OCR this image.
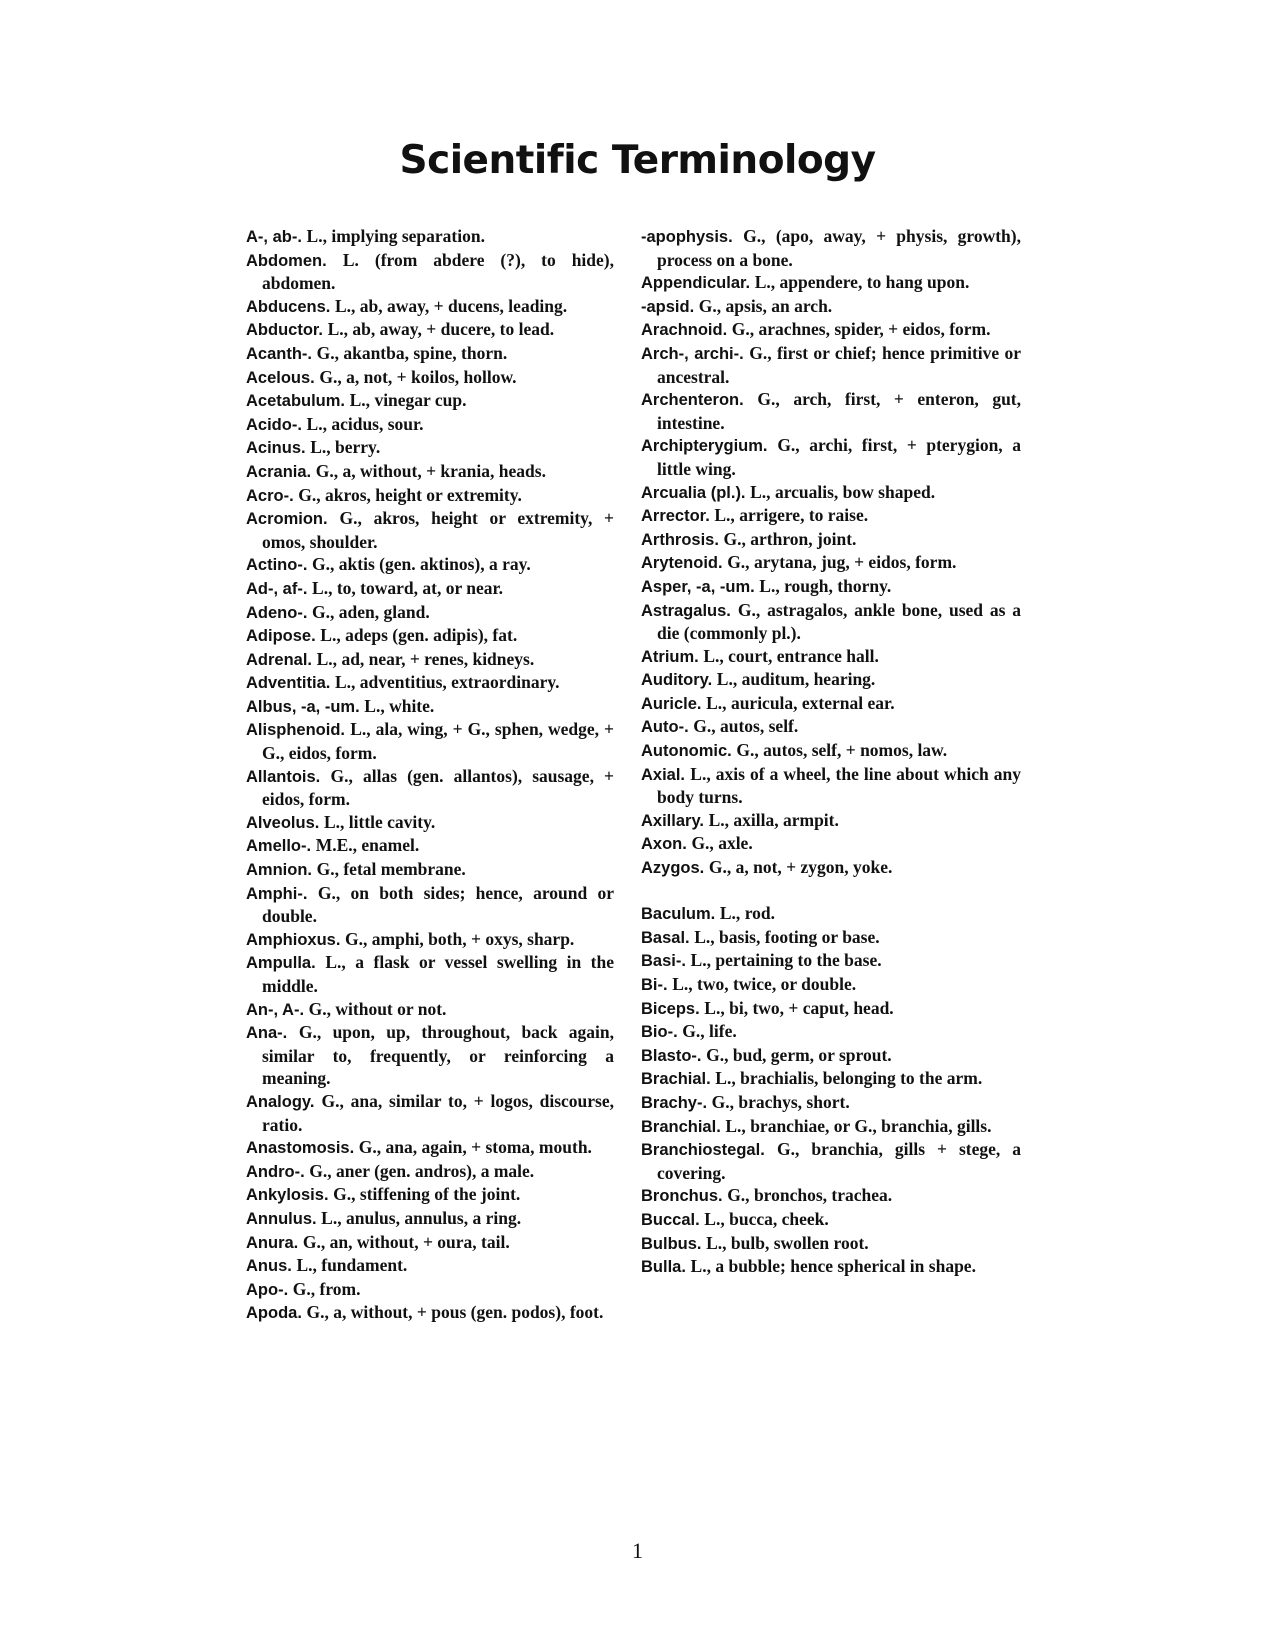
Scientific Terminology
A-, ab-. L., implying separation.
Abdomen. L. (from abdere (?), to hide), abdomen.
Abducens. L., ab, away, + ducens, leading.
Abductor. L., ab, away, + ducere, to lead.
Acanth-. G., akantba, spine, thorn.
Acelous. G., a, not, + koilos, hollow.
Acetabulum. L., vinegar cup.
Acido-. L., acidus, sour.
Acinus. L., berry.
Acrania. G., a, without, + krania, heads.
Acro-. G., akros, height or extremity.
Acromion. G., akros, height or extremity, + omos, shoulder.
Actino-. G., aktis (gen. aktinos), a ray.
Ad-, af-. L., to, toward, at, or near.
Adeno-. G., aden, gland.
Adipose. L., adeps (gen. adipis), fat.
Adrenal. L., ad, near, + renes, kidneys.
Adventitia. L., adventitius, extraordinary.
Albus, -a, -um. L., white.
Alisphenoid. L., ala, wing, + G., sphen, wedge, + G., eidos, form.
Allantois. G., allas (gen. allantos), sausage, + eidos, form.
Alveolus. L., little cavity.
Amello-. M.E., enamel.
Amnion. G., fetal membrane.
Amphi-. G., on both sides; hence, around or double.
Amphioxus. G., amphi, both, + oxys, sharp.
Ampulla. L., a flask or vessel swelling in the middle.
An-, A-. G., without or not.
Ana-. G., upon, up, throughout, back again, similar to, frequently, or reinforcing a meaning.
Analogy. G., ana, similar to, + logos, discourse, ratio.
Anastomosis. G., ana, again, + stoma, mouth.
Andro-. G., aner (gen. andros), a male.
Ankylosis. G., stiffening of the joint.
Annulus. L., anulus, annulus, a ring.
Anura. G., an, without, + oura, tail.
Anus. L., fundament.
Apo-. G., from.
Apoda. G., a, without, + pous (gen. podos), foot.
-apophysis. G., (apo, away, + physis, growth), process on a bone.
Appendicular. L., appendere, to hang upon.
-apsid. G., apsis, an arch.
Arachnoid. G., arachnes, spider, + eidos, form.
Arch-, archi-. G., first or chief; hence primitive or ancestral.
Archenteron. G., arch, first, + enteron, gut, intestine.
Archipterygium. G., archi, first, + pterygion, a little wing.
Arcualia (pl.). L., arcualis, bow shaped.
Arrector. L., arrigere, to raise.
Arthrosis. G., arthron, joint.
Arytenoid. G., arytana, jug, + eidos, form.
Asper, -a, -um. L., rough, thorny.
Astragalus. G., astragalos, ankle bone, used as a die (commonly pl.).
Atrium. L., court, entrance hall.
Auditory. L., auditum, hearing.
Auricle. L., auricula, external ear.
Auto-. G., autos, self.
Autonomic. G., autos, self, + nomos, law.
Axial. L., axis of a wheel, the line about which any body turns.
Axillary. L., axilla, armpit.
Axon. G., axle.
Azygos. G., a, not, + zygon, yoke.
Baculum. L., rod.
Basal. L., basis, footing or base.
Basi-. L., pertaining to the base.
Bi-. L., two, twice, or double.
Biceps. L., bi, two, + caput, head.
Bio-. G., life.
Blasto-. G., bud, germ, or sprout.
Brachial. L., brachialis, belonging to the arm.
Brachy-. G., brachys, short.
Branchial. L., branchiae, or G., branchia, gills.
Branchiostegal. G., branchia, gills + stege, a covering.
Bronchus. G., bronchos, trachea.
Buccal. L., bucca, cheek.
Bulbus. L., bulb, swollen root.
Bulla. L., a bubble; hence spherical in shape.
1
